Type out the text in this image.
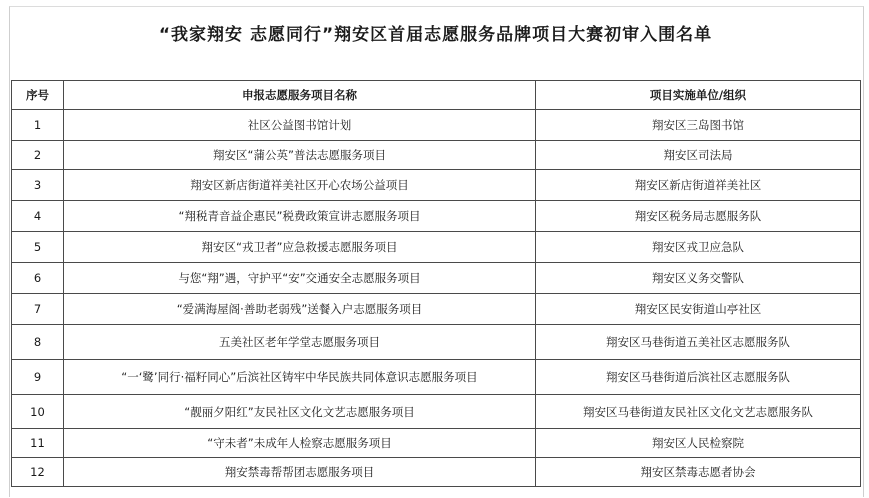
“我家翔安 志愿同行”翔安区首届志愿服务品牌项目大赛初审入围名单
序号	申报志愿服务项目名称	项目实施单位/组织
1	社区公益图书馆计划	翔安区三岛图书馆
2	翔安区“蒲公英”普法志愿服务项目	翔安区司法局
3	翔安区新店街道祥美社区开心农场公益项目	翔安区新店街道祥美社区
4	“翔税青音益企惠民”税费政策宣讲志愿服务项目	翔安区税务局志愿服务队
5	翔安区“戎卫者”应急救援志愿服务项目	翔安区戎卫应急队
6	与您“翔”遇，守护平“安”交通安全志愿服务项目	翔安区义务交警队
7	“爱满海屋阁·善助老弱残”送餐入户志愿服务项目	翔安区民安街道山亭社区
8	五美社区老年学堂志愿服务项目	翔安区马巷街道五美社区志愿服务队
9	“一‘鹭’同行·福籽同心”后滨社区铸牢中华民族共同体意识志愿服务项目	翔安区马巷街道后滨社区志愿服务队
10	“靓丽夕阳红”友民社区文化文艺志愿服务项目	翔安区马巷街道友民社区文化文艺志愿服务队
11	“守未者”未成年人检察志愿服务项目	翔安区人民检察院
12	翔安禁毒帮帮团志愿服务项目	翔安区禁毒志愿者协会
